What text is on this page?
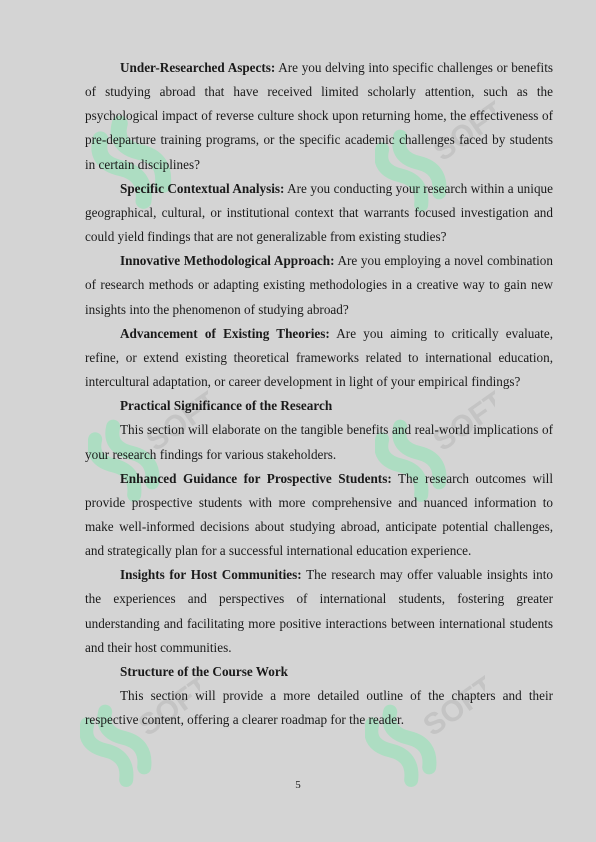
SOFT
SOFT	SOFT
SOFT	SOFT

Under-Researched Aspects: Are you delving into specific challenges or benefits of studying abroad that have received limited scholarly attention, such as the psychological impact of reverse culture shock upon returning home, the effectiveness of pre-departure training programs, or the specific academic challenges faced by students in certain disciplines?

Specific Contextual Analysis: Are you conducting your research within a unique geographical, cultural, or institutional context that warrants focused investigation and could yield findings that are not generalizable from existing studies?

Innovative Methodological Approach: Are you employing a novel combination of research methods or adapting existing methodologies in a creative way to gain new insights into the phenomenon of studying abroad?

Advancement of Existing Theories: Are you aiming to critically evaluate, refine, or extend existing theoretical frameworks related to international education, intercultural adaptation, or career development in light of your empirical findings?

Practical Significance of the Research

This section will elaborate on the tangible benefits and real-world implications of your research findings for various stakeholders.

Enhanced Guidance for Prospective Students: The research outcomes will provide prospective students with more comprehensive and nuanced information to make well-informed decisions about studying abroad, anticipate potential challenges, and strategically plan for a successful international education experience.

Insights for Host Communities: The research may offer valuable insights into the experiences and perspectives of international students, fostering greater understanding and facilitating more positive interactions between international students and their host communities.

Structure of the Course Work

This section will provide a more detailed outline of the chapters and their respective content, offering a clearer roadmap for the reader.

5
